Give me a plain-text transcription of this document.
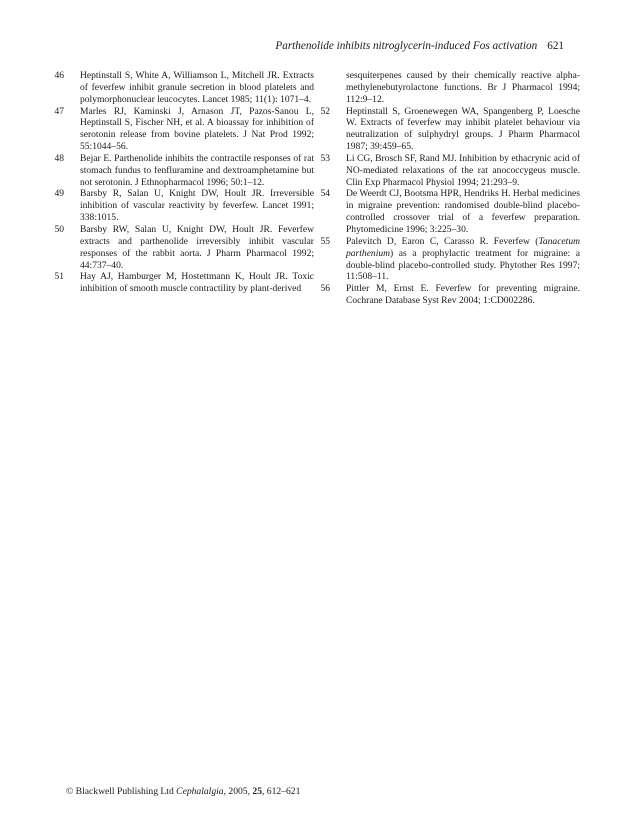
Parthenolide inhibits nitroglycerin-induced Fos activation 621
46 Heptinstall S, White A, Williamson L, Mitchell JR. Extracts of feverfew inhibit granule secretion in blood platelets and polymorphonuclear leucocytes. Lancet 1985; 11(1): 1071–4.
47 Marles RJ, Kaminski J, Arnason JT, Pazos-Sanou L, Heptinstall S, Fischer NH, et al. A bioassay for inhibition of serotonin release from bovine platelets. J Nat Prod 1992; 55:1044–56.
48 Bejar E. Parthenolide inhibits the contractile responses of rat stomach fundus to fenfluramine and dextroamphetamine but not serotonin. J Ethnopharmacol 1996; 50:1–12.
49 Barsby R, Salan U, Knight DW, Hoult JR. Irreversible inhibition of vascular reactivity by feverfew. Lancet 1991; 338:1015.
50 Barsby RW, Salan U, Knight DW, Hoult JR. Feverfew extracts and parthenolide irreversibly inhibit vascular responses of the rabbit aorta. J Pharm Pharmacol 1992; 44:737–40.
51 Hay AJ, Hamburger M, Hostettmann K, Hoult JR. Toxic inhibition of smooth muscle contractility by plant-derived
sesquiterpenes caused by their chemically reactive alpha-methylenebutyrolactone functions. Br J Pharmacol 1994; 112:9–12.
52 Heptinstall S, Groenewegen WA, Spangenberg P, Loesche W. Extracts of feverfew may inhibit platelet behaviour via neutralization of sulphydryl groups. J Pharm Pharmacol 1987; 39:459–65.
53 Li CG, Brosch SF, Rand MJ. Inhibition by ethacrynic acid of NO-mediated relaxations of the rat anococcygeus muscle. Clin Exp Pharmacol Physiol 1994; 21:293–9.
54 De Weerdt CJ, Bootsma HPR, Hendriks H. Herbal medicines in migraine prevention: randomised double-blind placebo-controlled crossover trial of a feverfew preparation. Phytomedicine 1996; 3:225–30.
55 Palevitch D, Earon C, Carasso R. Feverfew (Tanacetum parthenium) as a prophylactic treatment for migraine: a double-blind placebo-controlled study. Phytother Res 1997; 11:508–11.
56 Pittler M, Ernst E. Feverfew for preventing migraine. Cochrane Database Syst Rev 2004; 1:CD002286.
© Blackwell Publishing Ltd Cephalalgia, 2005, 25, 612–621
